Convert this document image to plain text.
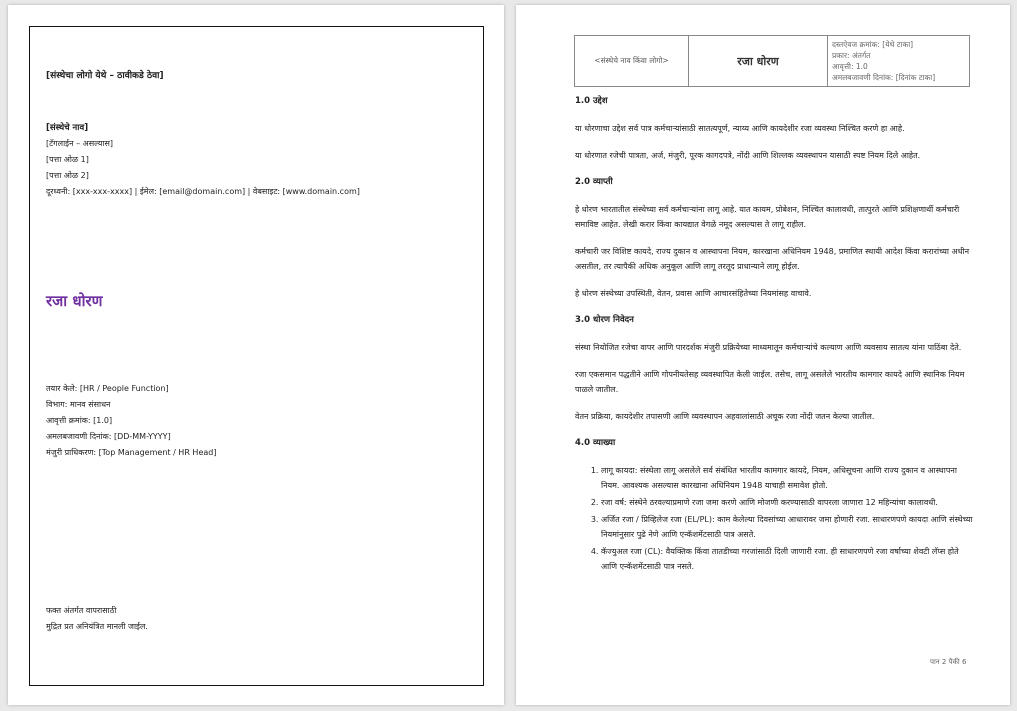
[संस्थेचा लोगो येथे – ठावीकडे ठेवा]
[संस्थेचे नाव]
[टॅगलाईन – असल्यास]
[पत्ता ओळ 1]
[पत्ता ओळ 2]
दूरध्वनी: [xxx-xxx-xxxx] | ईमेल: [email@domain.com] | वेबसाइट: [www.domain.com]
रजा धोरण
तयार केले: [HR / People Function]
विभाग: मानव संसाधन
आवृत्ती क्रमांक: [1.0]
अमलबजावणी दिनांक: [DD-MM-YYYY]
मंजुरी प्राधिकरण: [Top Management / HR Head]
फक्त अंतर्गत वापरासाठी
मुद्रित प्रत अनियंत्रित मानली जाईल.
<संस्थेचे नाव किंवा लोगो>	रजा धोरण	
दस्तऐवज क्रमांक: [येथे टाका]
प्रकार: अंतर्गत
आवृत्ती: 1.0
अमलबजावणी दिनांक: [दिनांक टाका]
1.0 उद्देश

या धोरणाचा उद्देश सर्व पात्र कर्मचाऱ्यांसाठी सातत्यपूर्ण, न्याय्य आणि कायदेशीर रजा व्यवस्था निश्चित करणे हा आहे.

या धोरणात रजेची पात्रता, अर्ज, मंजुरी, पूरक कागदपत्रे, नोंदी आणि शिल्लक व्यवस्थापन यासाठी स्पष्ट नियम दिले आहेत.

2.0 व्याप्ती

हे धोरण भारतातील संस्थेच्या सर्व कर्मचाऱ्यांना लागू आहे. यात कायम, प्रोबेशन, निश्चित कालावधी, तात्पुरते आणि प्रशिक्षणार्थी कर्मचारी समाविष्ट आहेत. लेखी करार किंवा कायद्यात वेगळे नमूद असल्यास ते लागू राहील.

कर्मचारी जर विशिष्ट कायदे, राज्य दुकान व आस्थापना नियम, कारखाना अधिनियम 1948, प्रमाणित स्थायी आदेश किंवा करारांच्या अधीन असतील, तर त्यापैकी अधिक अनुकूल आणि लागू तरतूद प्राधान्याने लागू होईल.

हे धोरण संस्थेच्या उपस्थिती, वेतन, प्रवास आणि आचारसंहितेच्या नियमांसह वाचावे.

3.0 धोरण निवेदन

संस्था नियोजित रजेचा वापर आणि पारदर्शक मंजुरी प्रक्रियेच्या माध्यमातून कर्मचाऱ्यांचे कल्याण आणि व्यवसाय सातत्य यांना पाठिंबा देते.

रजा एकसमान पद्धतीने आणि गोपनीयतेसह व्यवस्थापित केली जाईल. तसेच, लागू असलेले भारतीय कामगार कायदे आणि स्थानिक नियम पाळले जातील.

वेतन प्रक्रिया, कायदेशीर तपासणी आणि व्यवस्थापन अहवालांसाठी अचूक रजा नोंदी जतन केल्या जातील.

4.0 व्याख्या
1. लागू कायदा: संस्थेला लागू असलेले सर्व संबंधित भारतीय कामगार कायदे, नियम, अधिसूचना आणि राज्य दुकान व आस्थापना नियम. आवश्यक असल्यास कारखाना अधिनियम 1948 याचाही समावेश होतो.
2. रजा वर्ष: संस्थेने ठरवल्याप्रमाणे रजा जमा करणे आणि मोजणी करण्यासाठी वापरला जाणारा 12 महिन्यांचा कालावधी.
3. अर्जित रजा / प्रिव्हिलेज रजा (EL/PL): काम केलेल्या दिवसांच्या आधारावर जमा होणारी रजा. साधारणपणे कायदा आणि संस्थेच्या नियमांनुसार पुढे नेणे आणि एन्कॅशमेंटसाठी पात्र असते.
4. कॅज्युअल रजा (CL): वैयक्तिक किंवा तातडीच्या गरजांसाठी दिली जाणारी रजा. ही साधारणपणे रजा वर्षाच्या शेवटी लॅप्स होते आणि एन्कॅशमेंटसाठी पात्र नसते.
पान 2 पैकी 6
